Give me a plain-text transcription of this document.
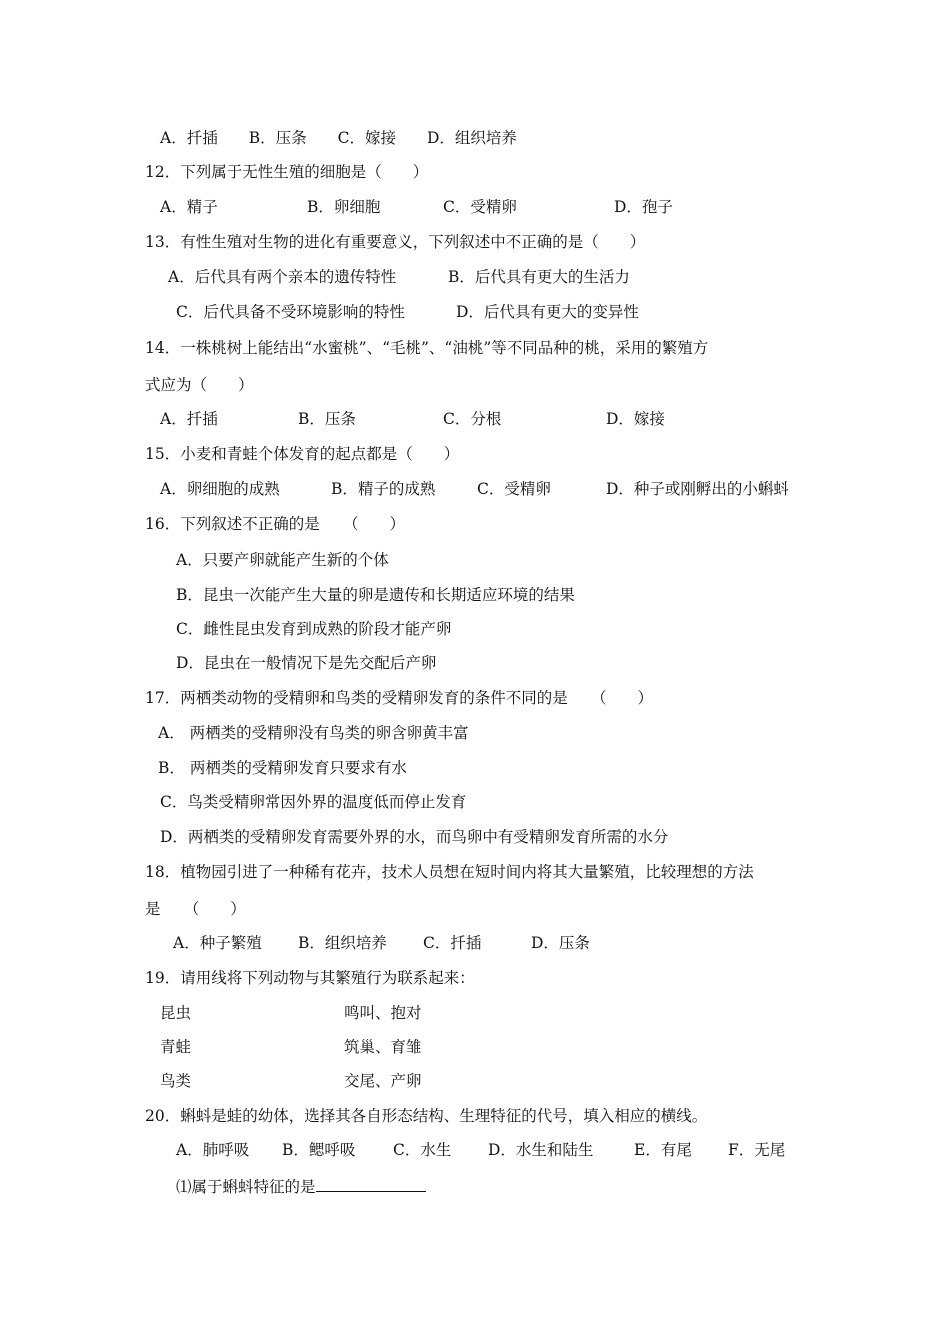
A．扦插　　B．压条　　C．嫁接　　D．组织培养
12．下列属于无性生殖的细胞是（　　）
A．精子	B．卵细胞	C．受精卵	D．孢子
13．有性生殖对生物的进化有重要意义，下列叙述中不正确的是（　　）
A．后代具有两个亲本的遗传特性	B．后代具有更大的生活力
C．后代具备不受环境影响的特性	D．后代具有更大的变异性
14．一株桃树上能结出“水蜜桃”、“毛桃”、“油桃”等不同品种的桃，采用的繁殖方
式应为（　　）
A．扦插	B．压条	C．分根	D．嫁接
15．小麦和青蛙个体发育的起点都是（　　）
A．卵细胞的成熟	B．精子的成熟	C．受精卵	D．种子或刚孵出的小蝌蚪
16．下列叙述不正确的是　　（　　）
A．只要产卵就能产生新的个体
B．昆虫一次能产生大量的卵是遗传和长期适应环境的结果
C．雌性昆虫发育到成熟的阶段才能产卵
D．昆虫在一般情况下是先交配后产卵
17．两栖类动物的受精卵和鸟类的受精卵发育的条件不同的是　　（　　）
A． 两栖类的受精卵没有鸟类的卵含卵黄丰富
B． 两栖类的受精卵发育只要求有水
C．鸟类受精卵常因外界的温度低而停止发育
D．两栖类的受精卵发育需要外界的水，而鸟卵中有受精卵发育所需的水分
18．植物园引进了一种稀有花卉，技术人员想在短时间内将其大量繁殖，比较理想的方法
是　　（　　）
A．种子繁殖 B．组织培养 C．扦插	D．压条
19．请用线将下列动物与其繁殖行为联系起来：
昆虫	鸣叫、抱对
青蛙	筑巢、育雏
鸟类	交尾、产卵
20．蝌蚪是蛙的幼体，选择其各自形态结构、生理特征的代号，填入相应的横线。
A．肺呼吸 B．鳃呼吸 C．水生 D．水生和陆生	E．有尾 F．无尾
⑴属于蝌蚪特征的是
